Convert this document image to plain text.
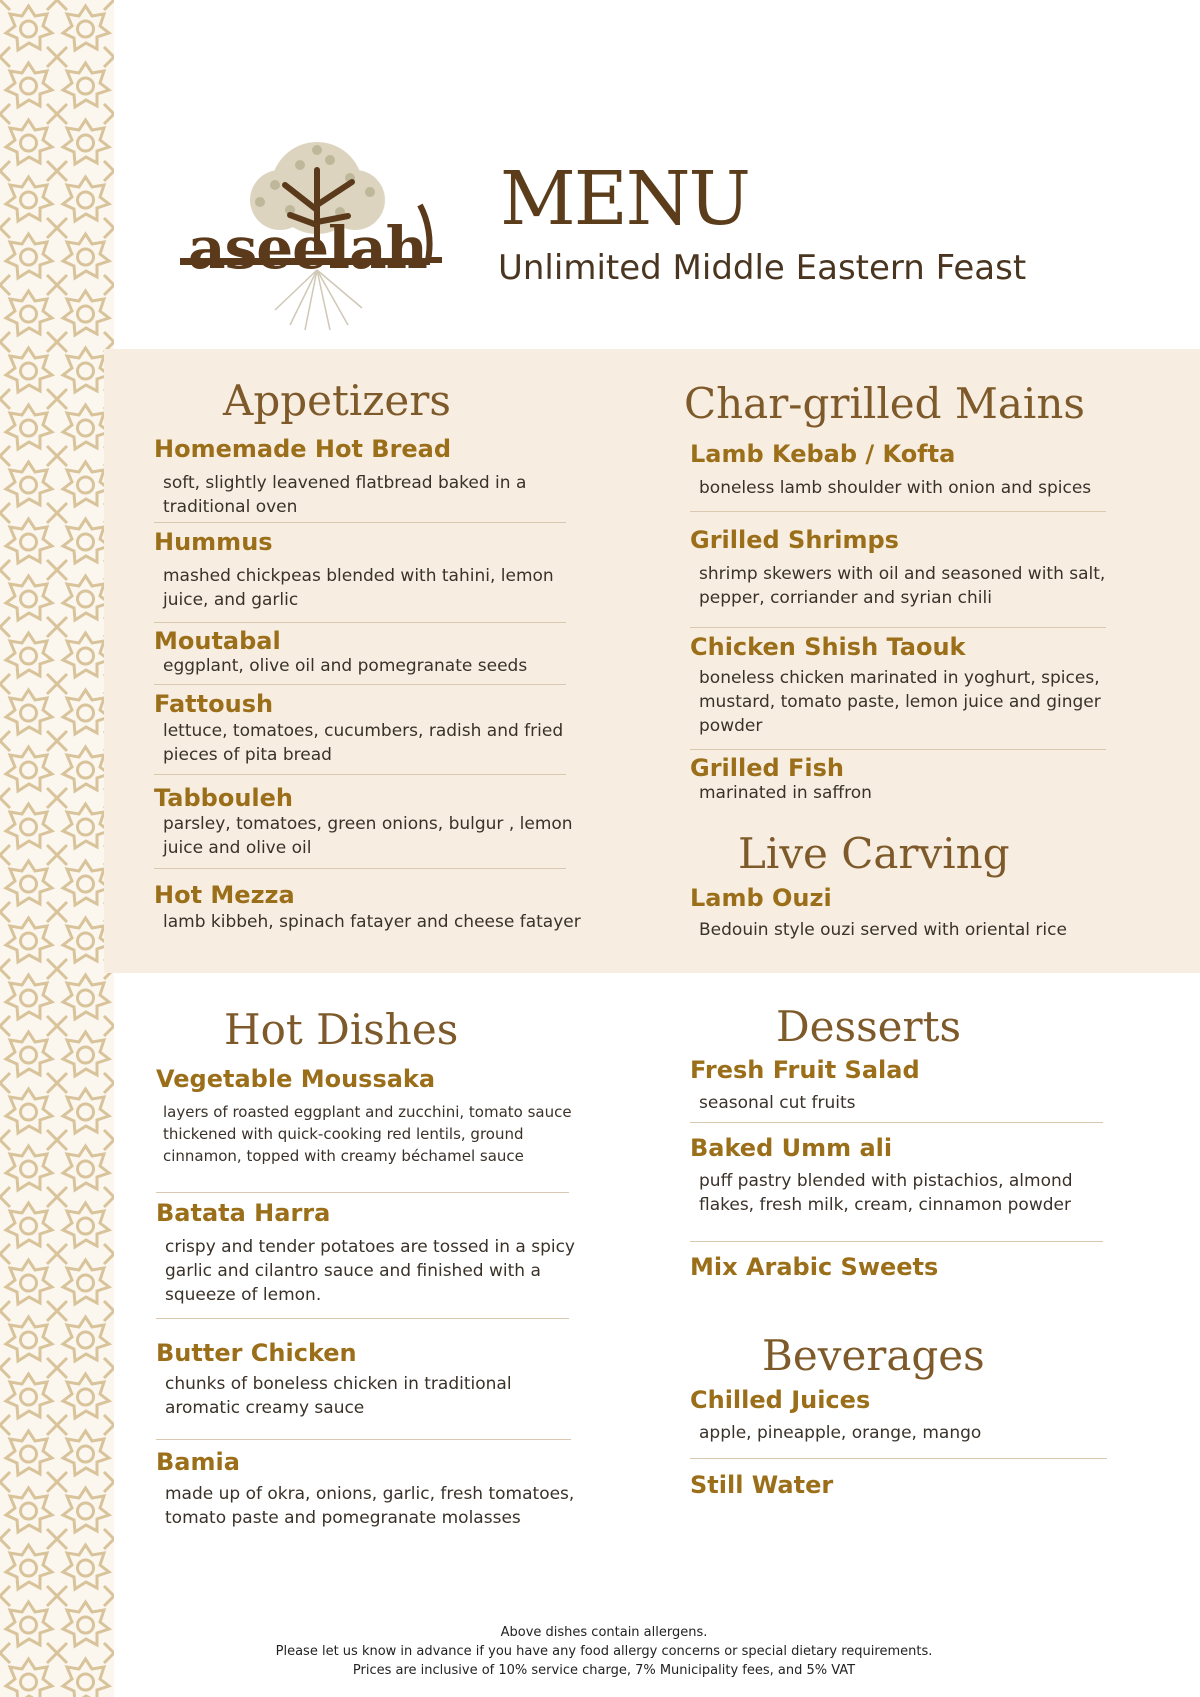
aseelah
MENU
Unlimited Middle Eastern Feast
Appetizers

Homemade Hot Bread

soft, slightly leavened flatbread baked in a traditional oven

Hummus

mashed chickpeas blended with tahini, lemon juice, and garlic

Moutabal

eggplant, olive oil and pomegranate seeds

Fattoush

lettuce, tomatoes, cucumbers, radish and fried pieces of pita bread

Tabbouleh

parsley, tomatoes, green onions, bulgur , lemon juice and olive oil

Hot Mezza

lamb kibbeh, spinach fatayer and cheese fatayer

Char-grilled Mains

Lamb Kebab / Kofta

boneless lamb shoulder with onion and spices

Grilled Shrimps

shrimp skewers with oil and seasoned with salt, pepper, corriander and syrian chili

Chicken Shish Taouk

boneless chicken marinated in yoghurt, spices, mustard, tomato paste, lemon juice and ginger powder

Grilled Fish

marinated in saffron

Live Carving

Lamb Ouzi

Bedouin style ouzi served with oriental rice

Hot Dishes

Vegetable Moussaka

layers of roasted eggplant and zucchini, tomato sauce thickened with quick-cooking red lentils, ground cinnamon, topped with creamy béchamel sauce

Batata Harra

crispy and tender potatoes are tossed in a spicy garlic and cilantro sauce and finished with a squeeze of lemon.

Butter Chicken

chunks of boneless chicken in traditional aromatic creamy sauce

Bamia

made up of okra, onions, garlic, fresh tomatoes, tomato paste and pomegranate molasses

Desserts

Fresh Fruit Salad

seasonal cut fruits

Baked Umm ali

puff pastry blended with pistachios, almond flakes, fresh milk, cream, cinnamon powder

Mix Arabic Sweets

Beverages

Chilled Juices

apple, pineapple, orange, mango

Still Water

Above dishes contain allergens.

Please let us know in advance if you have any food allergy concerns or special dietary requirements.

Prices are inclusive of 10% service charge, 7% Municipality fees, and 5% VAT
